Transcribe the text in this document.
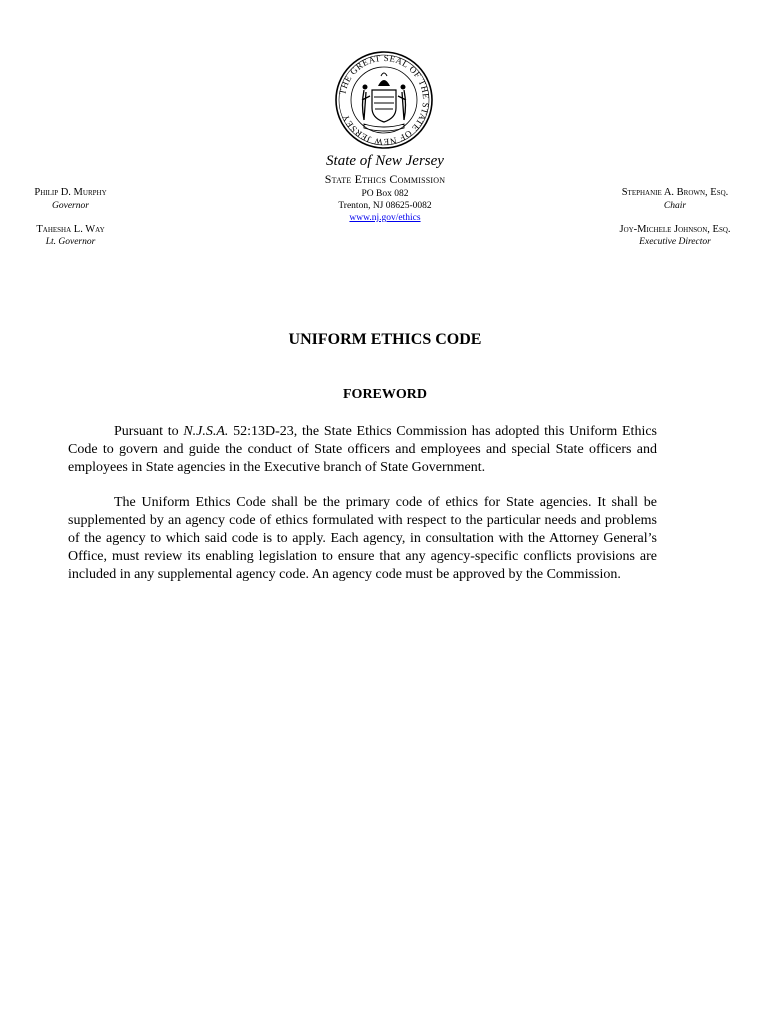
THE GREAT SEAL OF THE STATE OF NEW JERSEY
State of New Jersey
State Ethics Commission
PO Box 082
Trenton, NJ 08625-0082
www.nj.gov/ethics
Philip D. Murphy
Governor
Tahesha L. Way
Lt. Governor
Stephanie A. Brown, Esq.
Chair
Joy-Michele Johnson, Esq.
Executive Director
UNIFORM ETHICS CODE
FOREWORD

Pursuant to N.J.S.A. 52:13D-23, the State Ethics Commission has adopted this Uniform Ethics Code to govern and guide the conduct of State officers and employees and special State officers and employees in State agencies in the Executive branch of State Government.

The Uniform Ethics Code shall be the primary code of ethics for State agencies. It shall be supplemented by an agency code of ethics formulated with respect to the particular needs and problems of the agency to which said code is to apply. Each agency, in consultation with the Attorney General’s Office, must review its enabling legislation to ensure that any agency-specific conflicts provisions are included in any supplemental agency code. An agency code must be approved by the Commission.
